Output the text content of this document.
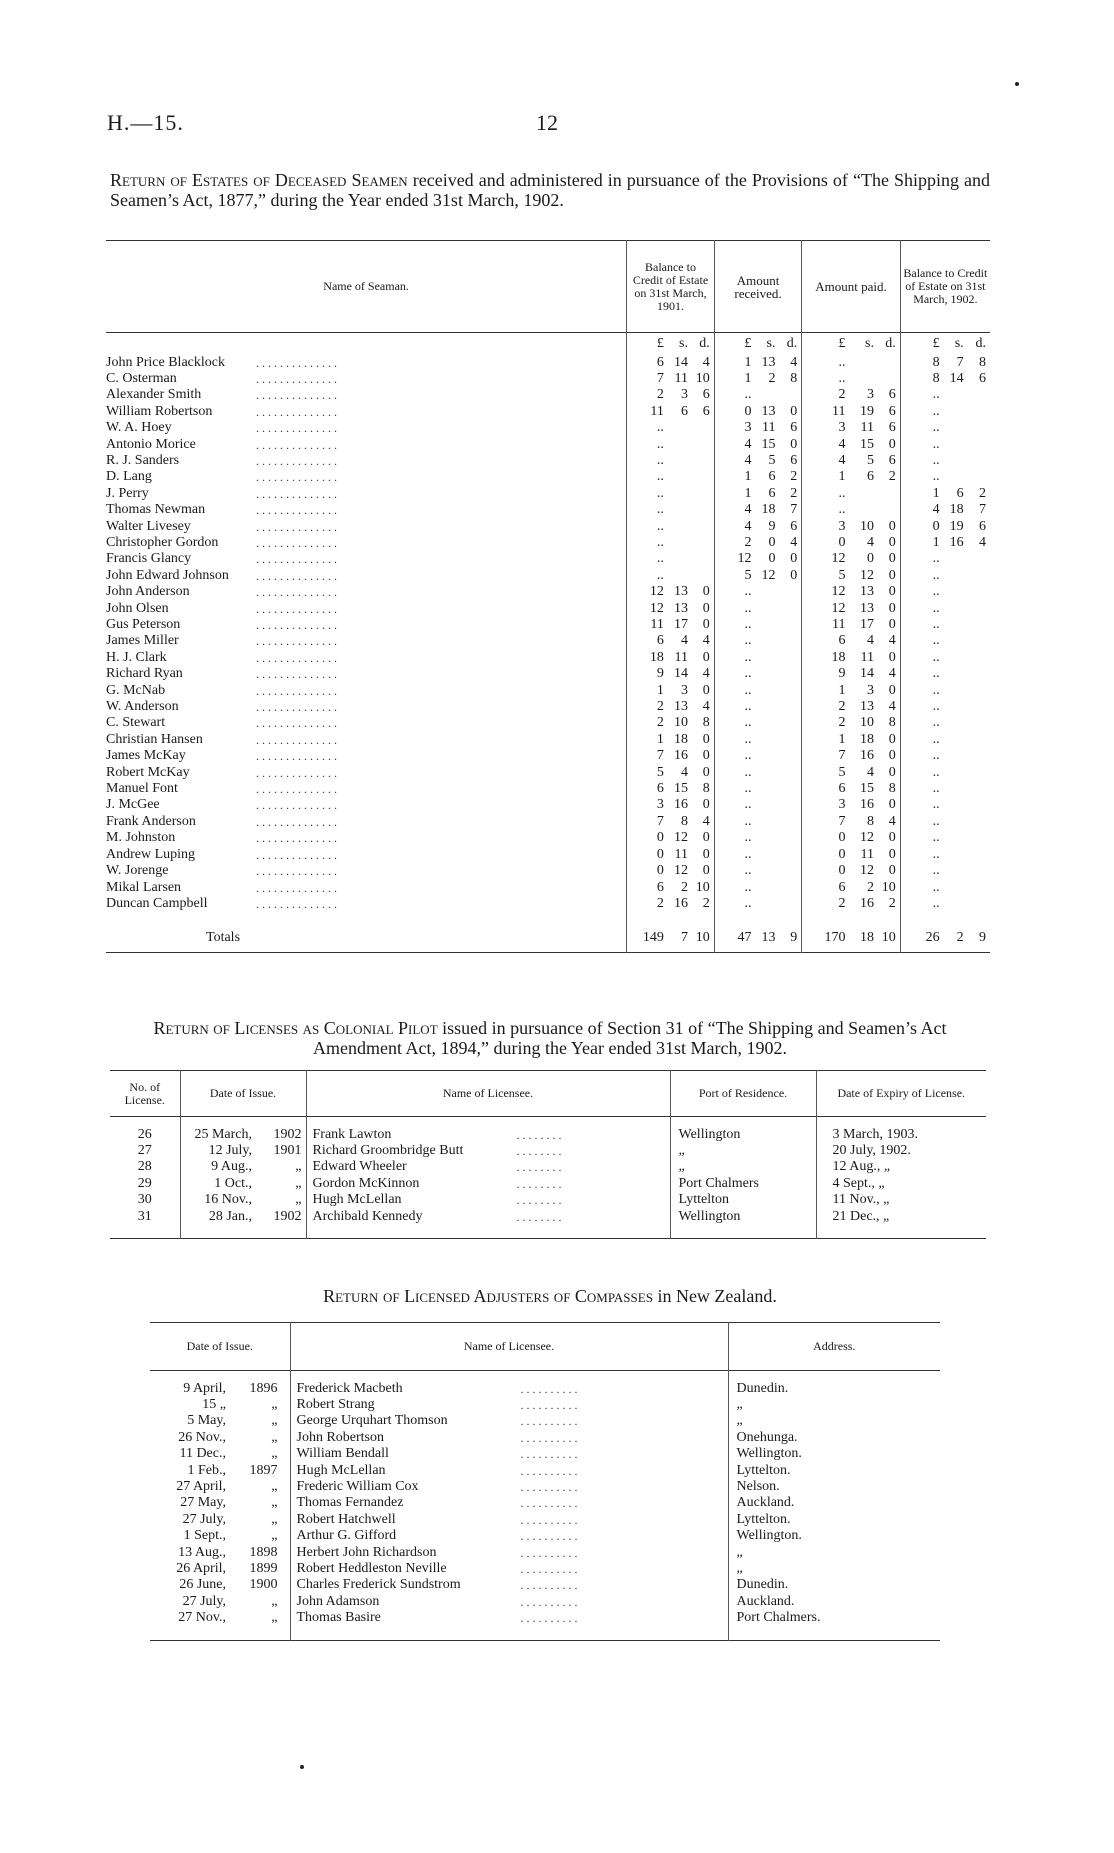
H.—15.	12
Return of Estates of Deceased Seamen received and administered in pursuance of the Provisions of “The Shipping and Seamen’s Act, 1877,” during the Year ended 31st March, 1902.
Name of Seaman.	Balance to Credit of Estate on 31st March, 1901.			Amount received.			Amount paid.			Balance to Credit of Estate on 31st March, 1902.		
	£	s.	d.	£	s.	d.	£	s.	d.	£	s.	d.
John Price Blacklock . . . . . . . . . . . . . .	6	14	4	1	13	4	..			8	7	8
C. Osterman . . . . . . . . . . . . . .	7	11	10	1	2	8	..			8	14	6
Alexander Smith . . . . . . . . . . . . . .	2	3	6	..			2	3	6	..		
William Robertson . . . . . . . . . . . . . .	11	6	6	0	13	0	11	19	6	..		
W. A. Hoey . . . . . . . . . . . . . .	..			3	11	6	3	11	6	..		
Antonio Morice . . . . . . . . . . . . . .	..			4	15	0	4	15	0	..		
R. J. Sanders . . . . . . . . . . . . . .	..			4	5	6	4	5	6	..		
D. Lang . . . . . . . . . . . . . .	..			1	6	2	1	6	2	..		
J. Perry . . . . . . . . . . . . . .	..			1	6	2	..			1	6	2
Thomas Newman . . . . . . . . . . . . . .	..			4	18	7	..			4	18	7
Walter Livesey . . . . . . . . . . . . . .	..			4	9	6	3	10	0	0	19	6
Christopher Gordon . . . . . . . . . . . . . .	..			2	0	4	0	4	0	1	16	4
Francis Glancy . . . . . . . . . . . . . .	..			12	0	0	12	0	0	..		
John Edward Johnson . . . . . . . . . . . . . .	..			5	12	0	5	12	0	..		
John Anderson . . . . . . . . . . . . . .	12	13	0	..			12	13	0	..		
John Olsen . . . . . . . . . . . . . .	12	13	0	..			12	13	0	..		
Gus Peterson . . . . . . . . . . . . . .	11	17	0	..			11	17	0	..		
James Miller . . . . . . . . . . . . . .	6	4	4	..			6	4	4	..		
H. J. Clark . . . . . . . . . . . . . .	18	11	0	..			18	11	0	..		
Richard Ryan . . . . . . . . . . . . . .	9	14	4	..			9	14	4	..		
G. McNab . . . . . . . . . . . . . .	1	3	0	..			1	3	0	..		
W. Anderson . . . . . . . . . . . . . .	2	13	4	..			2	13	4	..		
C. Stewart . . . . . . . . . . . . . .	2	10	8	..			2	10	8	..		
Christian Hansen . . . . . . . . . . . . . .	1	18	0	..			1	18	0	..		
James McKay . . . . . . . . . . . . . .	7	16	0	..			7	16	0	..		
Robert McKay . . . . . . . . . . . . . .	5	4	0	..			5	4	0	..		
Manuel Font . . . . . . . . . . . . . .	6	15	8	..			6	15	8	..		
J. McGee . . . . . . . . . . . . . .	3	16	0	..			3	16	0	..		
Frank Anderson . . . . . . . . . . . . . .	7	8	4	..			7	8	4	..		
M. Johnston . . . . . . . . . . . . . .	0	12	0	..			0	12	0	..		
Andrew Luping . . . . . . . . . . . . . .	0	11	0	..			0	11	0	..		
W. Jorenge . . . . . . . . . . . . . .	0	12	0	..			0	12	0	..		
Mikal Larsen . . . . . . . . . . . . . .	6	2	10	..			6	2	10	..		
Duncan Campbell . . . . . . . . . . . . . .	2	16	2	..			2	16	2	..		

Totals	149	7	10	47	13	9	170	18	10	26	2	9
Return of Licenses as Colonial Pilot issued in pursuance of Section 31 of “The Shipping and Seamen’s Act Amendment Act, 1894,” during the Year ended 31st March, 1902.
No. of License.	Date of Issue.		Name of Licensee.	Port of Residence.	Date of Expiry of License.

26	25 March,	1902	Frank Lawton . . . . . . . .	Wellington	3 March, 1903.
27	12 July,	1901	Richard Groombridge Butt . . . . . . . .	„	20 July, 1902.
28	9 Aug.,	„	Edward Wheeler . . . . . . . .	„	12 Aug., „
29	1 Oct.,	„	Gordon McKinnon . . . . . . . .	Port Chalmers	4 Sept., „
30	16 Nov.,	„	Hugh McLellan . . . . . . . .	Lyttelton	11 Nov., „
31	28 Jan.,	1902	Archibald Kennedy . . . . . . . .	Wellington	21 Dec., „

Return of Licensed Adjusters of Compasses in New Zealand.
Date of Issue.		Name of Licensee.	Address.

9 April,	1896	Frederick Macbeth . . . . . . . . . .	Dunedin.
15 „	„	Robert Strang . . . . . . . . . .	„
5 May,	„	George Urquhart Thomson . . . . . . . . . .	„
26 Nov.,	„	John Robertson . . . . . . . . . .	Onehunga.
11 Dec.,	„	William Bendall . . . . . . . . . .	Wellington.
1 Feb.,	1897	Hugh McLellan . . . . . . . . . .	Lyttelton.
27 April,	„	Frederic William Cox . . . . . . . . . .	Nelson.
27 May,	„	Thomas Fernandez . . . . . . . . . .	Auckland.
27 July,	„	Robert Hatchwell . . . . . . . . . .	Lyttelton.
1 Sept.,	„	Arthur G. Gifford . . . . . . . . . .	Wellington.
13 Aug.,	1898	Herbert John Richardson . . . . . . . . . .	„
26 April,	1899	Robert Heddleston Neville . . . . . . . . . .	„
26 June,	1900	Charles Frederick Sundstrom . . . . . . . . . .	Dunedin.
27 July,	„	John Adamson . . . . . . . . . .	Auckland.
27 Nov.,	„	Thomas Basire . . . . . . . . . .	Port Chalmers.
